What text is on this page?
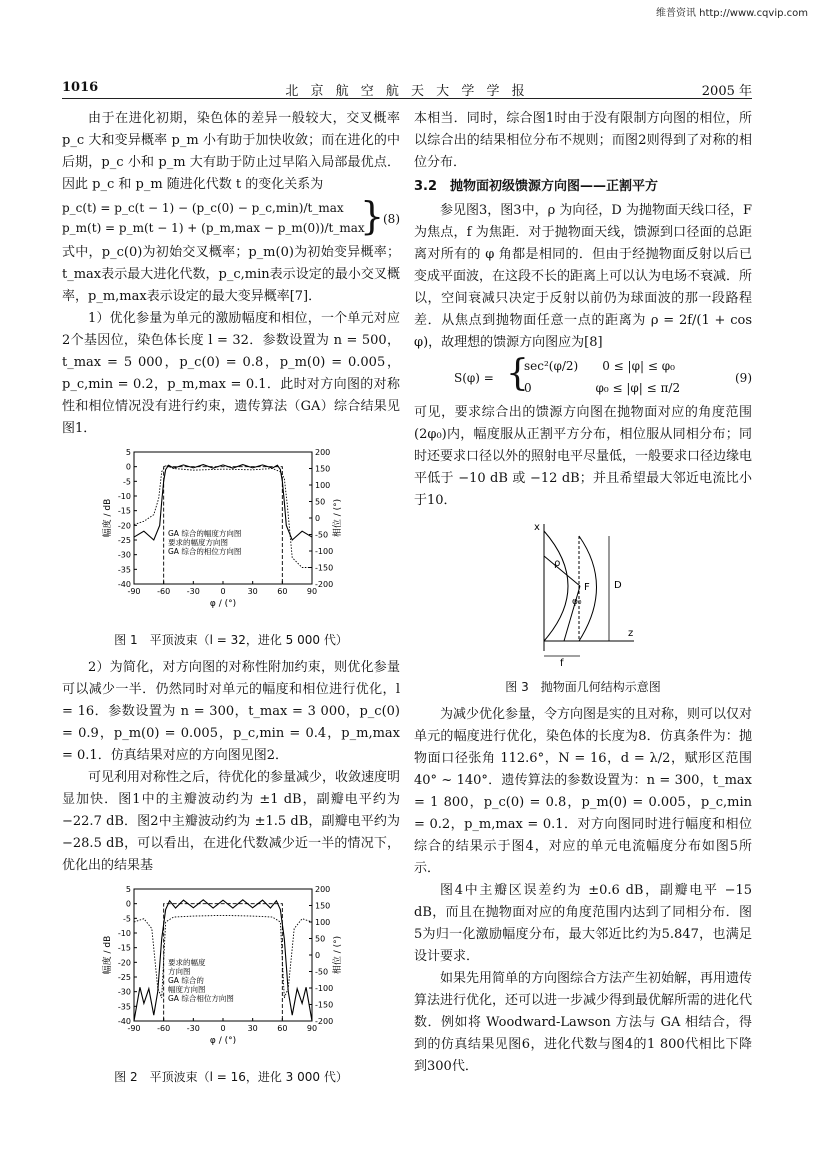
维普资讯 http://www.cqvip.com
1016	北 京 航 空 航 天 大 学 学 报	2005 年

由于在进化初期，染色体的差异一般较大，交叉概率 p_c 大和变异概率 p_m 小有助于加快收敛；而在进化的中后期，p_c 小和 p_m 大有助于防止过早陷入局部最优点．因此 p_c 和 p_m 随进化代数 t 的变化关系为

p_c(t) = p_c(t − 1) − (p_c(0) − p_c,min)/t_max
p_m(t) = p_m(t − 1) + (p_m,max − p_m(0))/t_max
}
(8)

式中，p_c(0)为初始交叉概率；p_m(0)为初始变异概率；t_max表示最大进化代数，p_c,min表示设定的最小交叉概率，p_m,max表示设定的最大变异概率[7]．

1）优化参量为单元的激励幅度和相位，一个单元对应2个基因位，染色体长度 l = 32．参数设置为 n = 500，t_max = 5 000，p_c(0) = 0.8，p_m(0) = 0.005，p_c,min = 0.2，p_m,max = 0.1．此时对方向图的对称性和相位情况没有进行约束，遗传算法（GA）综合结果见图1．

5
0
-5
-10
-15
-20
-25
-30
-35
-40
200
150
100
50
0
-50
-100
-150
-200
-90 -60 -30	0	30 60 90
φ / (°)
幅度 / dB	相位 / (°)
GA 综合的幅度方向图
要求的幅度方向图
GA 综合的相位方向图
图 1　平顶波束（l = 32，进化 5 000 代）

2）为简化，对方向图的对称性附加约束，则优化参量可以减少一半．仍然同时对单元的幅度和相位进行优化，l = 16．参数设置为 n = 300，t_max = 3 000，p_c(0) = 0.9，p_m(0) = 0.005，p_c,min = 0.4，p_m,max = 0.1．仿真结果对应的方向图见图2．

可见利用对称性之后，待优化的参量减少，收敛速度明显加快．图1中的主瓣波动约为 ±1 dB，副瓣电平约为 −22.7 dB．图2中主瓣波动约为 ±1.5 dB，副瓣电平约为 −28.5 dB，可以看出，在进化代数减少近一半的情况下，优化出的结果基

5
0
-5
-10
-15
-20
-25
-30
-35
-40
200
150
100
50
0
-50
-100
-150
-200
-90 -60 -30	0	30 60 90
φ / (°)
幅度 / dB	相位 / (°)
要求的幅度
方向图
GA 综合的
幅度方向图
GA 综合相位方向图
图 2　平顶波束（l = 16，进化 3 000 代）

本相当．同时，综合图1时由于没有限制方向图的相位，所以综合出的结果相位分布不规则；而图2则得到了对称的相位分布．

3.2　抛物面初级馈源方向图——正割平方

参见图3，图3中，ρ 为向径，D 为抛物面天线口径，F 为焦点，f 为焦距．对于抛物面天线，馈源到口径面的总距离对所有的 φ 角都是相同的．但由于经抛物面反射以后已变成平面波，在这段不长的距离上可以认为电场不衰减．所以，空间衰减只决定于反射以前仍为球面波的那一段路程差．从焦点到抛物面任意一点的距离为 ρ = 2f/(1 + cos φ)，故理想的馈源方向图应为[8]

S(φ) = {
sec²(φ/2)　　0 ≤ |φ| ≤ φ₀
0　　　　　 φ₀ ≤ |φ| ≤ π/2
(9)

可见，要求综合出的馈源方向图在抛物面对应的角度范围(2φ₀)内，幅度服从正割平方分布，相位服从同相分布；同时还要求口径以外的照射电平尽量低，一般要求口径边缘电平低于 −10 dB 或 −12 dB；并且希望最大邻近电流比小于10．

x
ρ
F
φ₀
D
z
f
图 3　抛物面几何结构示意图

为减少优化参量，令方向图是实的且对称，则可以仅对单元的幅度进行优化，染色体的长度为8．仿真条件为：抛物面口径张角 112.6°，N = 16，d = λ/2，赋形区范围 40° ~ 140°．遗传算法的参数设置为：n = 300，t_max = 1 800，p_c(0) = 0.8，p_m(0) = 0.005，p_c,min = 0.2，p_m,max = 0.1．对方向图同时进行幅度和相位综合的结果示于图4，对应的单元电流幅度分布如图5所示．

图4中主瓣区误差约为 ±0.6 dB，副瓣电平 −15 dB，而且在抛物面对应的角度范围内达到了同相分布．图5为归一化激励幅度分布，最大邻近比约为5.847，也满足设计要求．

如果先用简单的方向图综合方法产生初始解，再用遗传算法进行优化，还可以进一步减少得到最优解所需的进化代数．例如将 Woodward-Lawson 方法与 GA 相结合，得到的仿真结果见图6，进化代数与图4的1 800代相比下降到300代．
